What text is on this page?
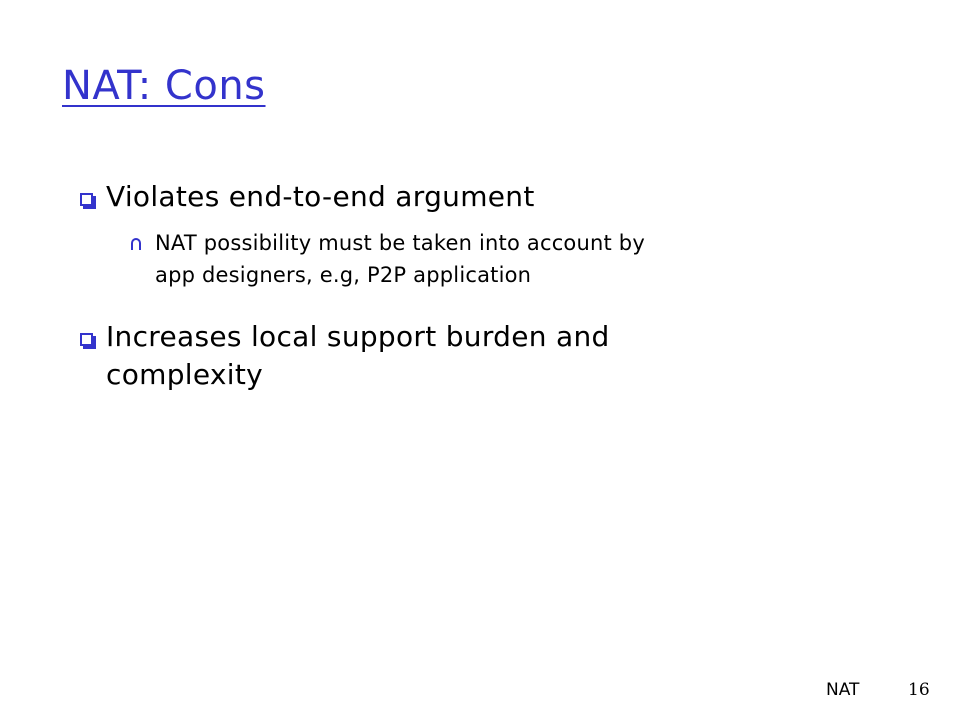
NAT: Cons
Violates end-to-end argument
NAT possibility must be taken into account by
app designers, e.g, P2P application
Increases local support burden and
complexity
NAT	16
